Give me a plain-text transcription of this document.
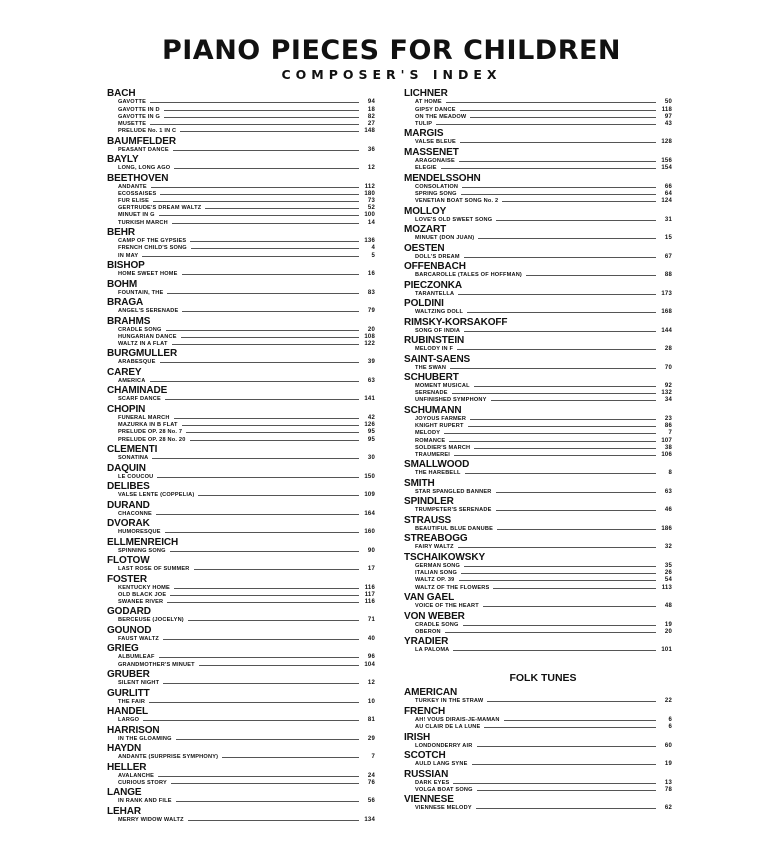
PIANO PIECES FOR CHILDREN
COMPOSER'S INDEX
BACH
GAVOTTE	94
GAVOTTE IN D	18
GAVOTTE IN G	82
MUSETTE	27
PRELUDE No. 1 IN C	148
BAUMFELDER
PEASANT DANCE	36
BAYLY
LONG, LONG AGO	12
BEETHOVEN
ANDANTE	112
ECOSSAISES	180
FUR ELISE	73
GERTRUDE'S DREAM WALTZ	52
MINUET IN G	100
TURKISH MARCH	14
BEHR
CAMP OF THE GYPSIES	136
FRENCH CHILD'S SONG	4
IN MAY	5
BISHOP
HOME SWEET HOME	16
BOHM
FOUNTAIN, THE	83
BRAGA
ANGEL'S SERENADE	79
BRAHMS
CRADLE SONG	20
HUNGARIAN DANCE	108
WALTZ IN A FLAT	122
BURGMULLER
ARABESQUE	39
CAREY
AMERICA	63
CHAMINADE
SCARF DANCE	141
CHOPIN
FUNERAL MARCH	42
MAZURKA IN B FLAT	126
PRELUDE OP. 28 No. 7	95
PRELUDE OP. 28 No. 20	95
CLEMENTI
SONATINA	30
DAQUIN
LE COUCOU	150
DELIBES
VALSE LENTE (COPPELIA)	109
DURAND
CHACONNE	164
DVORAK
HUMORESQUE	160
ELLMENREICH
SPINNING SONG	90
FLOTOW
LAST ROSE OF SUMMER	17
FOSTER
KENTUCKY HOME	116
OLD BLACK JOE	117
SWANEE RIVER	116
GODARD
BERCEUSE (JOCELYN)	71
GOUNOD
FAUST WALTZ	40
GRIEG
ALBUMLEAF	96
GRANDMOTHER'S MINUET	104
GRUBER
SILENT NIGHT	12
GURLITT
THE FAIR	10
HANDEL
LARGO	81
HARRISON
IN THE GLOAMING	29
HAYDN
ANDANTE (SURPRISE SYMPHONY)	7
HELLER
AVALANCHE	24
CURIOUS STORY	76
LANGE
IN RANK AND FILE	56
LEHAR
MERRY WIDOW WALTZ	134
LICHNER
AT HOME	50
GIPSY DANCE	118
ON THE MEADOW	97
TULIP	43
MARGIS
VALSE BLEUE	128
MASSENET
ARAGONAISE	156
ELEGIE	154
MENDELSSOHN
CONSOLATION	66
SPRING SONG	64
VENETIAN BOAT SONG No. 2	124
MOLLOY
LOVE'S OLD SWEET SONG	31
MOZART
MINUET (DON JUAN)	15
OESTEN
DOLL'S DREAM	67
OFFENBACH
BARCAROLLE (TALES OF HOFFMAN)	88
PIECZONKA
TARANTELLA	173
POLDINI
WALTZING DOLL	168
RIMSKY-KORSAKOFF
SONG OF INDIA	144
RUBINSTEIN
MELODY IN F	28
SAINT-SAENS
THE SWAN	70
SCHUBERT
MOMENT MUSICAL	92
SERENADE	132
UNFINISHED SYMPHONY	34
SCHUMANN
JOYOUS FARMER	23
KNIGHT RUPERT	86
MELODY	7
ROMANCE	107
SOLDIER'S MARCH	38
TRAUMEREI	106
SMALLWOOD
THE HAREBELL	8
SMITH
STAR SPANGLED BANNER	63
SPINDLER
TRUMPETER'S SERENADE	46
STRAUSS
BEAUTIFUL BLUE DANUBE	186
STREABOGG
FAIRY WALTZ	32
TSCHAIKOWSKY
GERMAN SONG	35
ITALIAN SONG	26
WALTZ OP. 39	54
WALTZ OF THE FLOWERS	113
VAN GAEL
VOICE OF THE HEART	48
VON WEBER
CRADLE SONG	19
OBERON	20
YRADIER
LA PALOMA	101
FOLK TUNES
AMERICAN
TURKEY IN THE STRAW	22
FRENCH
AH! VOUS DIRAIS-JE-MAMAN	6
AU CLAIR DE LA LUNE	6
IRISH
LONDONDERRY AIR	60
SCOTCH
AULD LANG SYNE	19
RUSSIAN
DARK EYES	13
VOLGA BOAT SONG	78
VIENNESE
VIENNESE MELODY	62
